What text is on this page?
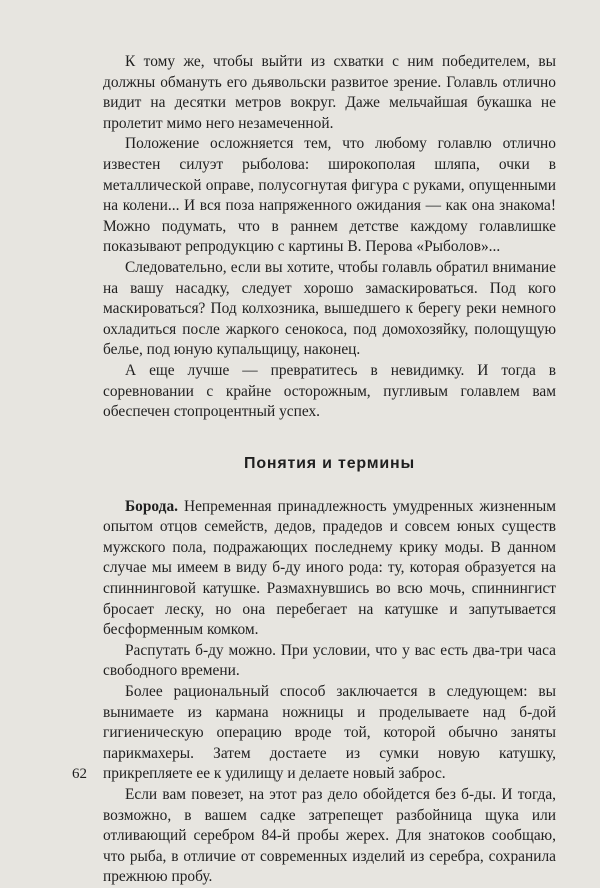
К тому же, чтобы выйти из схватки с ним победителем, вы должны обмануть его дьявольски развитое зрение. Голавль отлично видит на десятки метров вокруг. Даже мельчайшая букашка не пролетит мимо него незамеченной.

Положение осложняется тем, что любому голавлю отлично известен силуэт рыболова: широкополая шляпа, очки в металлической оправе, полусогнутая фигура с руками, опущенными на колени... И вся поза напряженного ожидания — как она знакома! Можно подумать, что в раннем детстве каждому голавлишке показывают репродукцию с картины В. Перова «Рыболов»...

Следовательно, если вы хотите, чтобы голавль обратил внимание на вашу насадку, следует хорошо замаскироваться. Под кого маскироваться? Под колхозника, вышедшего к берегу реки немного охладиться после жаркого сенокоса, под домохозяйку, полощущую белье, под юную купальщицу, наконец.

А еще лучше — превратитесь в невидимку. И тогда в соревновании с крайне осторожным, пугливым голавлем вам обеспечен стопроцентный успех.

Понятия и термины

Борода. Непременная принадлежность умудренных жизненным опытом отцов семейств, дедов, прадедов и совсем юных существ мужского пола, подражающих последнему крику моды. В данном случае мы имеем в виду б-ду иного рода: ту, которая образуется на спиннинговой катушке. Размахнувшись во всю мочь, спиннингист бросает леску, но она перебегает на катушке и запутывается бесформенным комком.

Распутать б-ду можно. При условии, что у вас есть два-три часа свободного времени.

Более рациональный способ заключается в следующем: вы вынимаете из кармана ножницы и проделываете над б-дой гигиеническую операцию вроде той, которой обычно заняты парикмахеры. Затем достаете из сумки новую катушку, прикрепляете ее к удилищу и делаете новый заброс.

Если вам повезет, на этот раз дело обойдется без б-ды. И тогда, возможно, в вашем садке затрепещет разбойница щука или отливающий серебром 84-й пробы жерех. Для знатоков сообщаю, что рыба, в отличие от современных изделий из серебра, сохранила прежнюю пробу.

62
